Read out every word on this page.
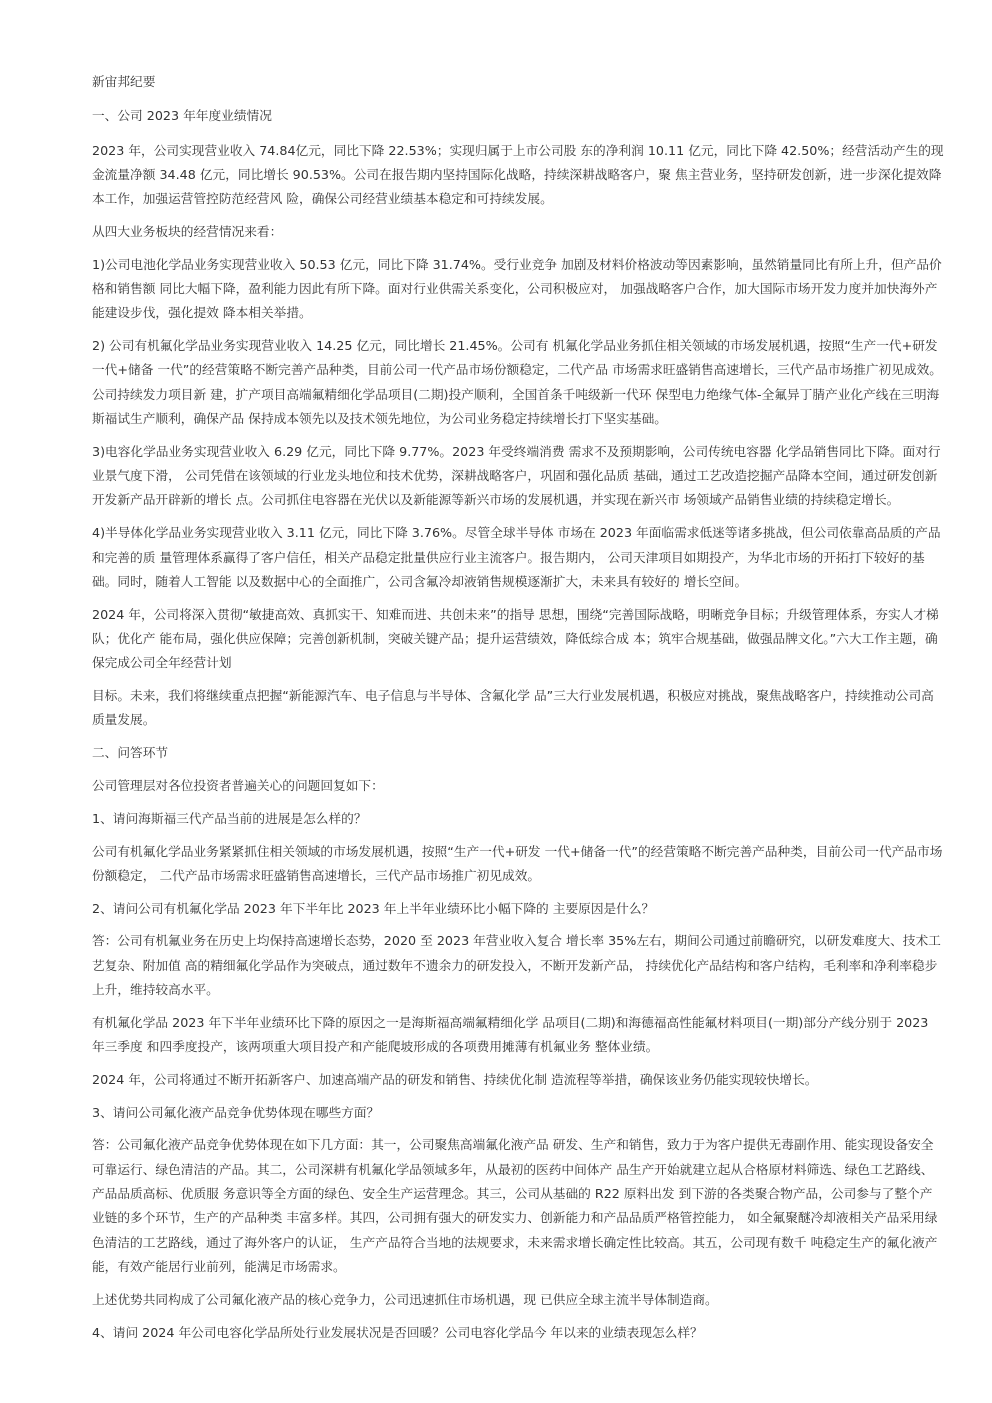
新宙邦纪要

一、公司 2023 年年度业绩情况

2023 年，公司实现营业收入 74.84亿元，同比下降 22.53%；实现归属于上市公司股 东的净利润 10.11 亿元，同比下降 42.50%；经营活动产生的现金流量净额 34.48 亿元，同比增长 90.53%。公司在报告期内坚持国际化战略，持续深耕战略客户，聚 焦主营业务，坚持研发创新，进一步深化提效降本工作，加强运营管控防范经营风 险，确保公司经营业绩基本稳定和可持续发展。

从四大业务板块的经营情况来看：

1)公司电池化学品业务实现营业收入 50.53 亿元，同比下降 31.74%。受行业竞争 加剧及材料价格波动等因素影响，虽然销量同比有所上升，但产品价格和销售额 同比大幅下降，盈利能力因此有所下降。面对行业供需关系变化，公司积极应对， 加强战略客户合作，加大国际市场开发力度并加快海外产能建设步伐，强化提效 降本相关举措。

2) 公司有机氟化学品业务实现营业收入 14.25 亿元，同比增长 21.45%。公司有 机氟化学品业务抓住相关领域的市场发展机遇，按照“生产一代+研发一代+储备 一代”的经营策略不断完善产品种类，目前公司一代产品市场份额稳定，二代产品 市场需求旺盛销售高速增长，三代产品市场推广初见成效。公司持续发力项目新 建，扩产项目高端氟精细化学品项目(二期)投产顺利，全国首条千吨级新一代环 保型电力绝缘气体-全氟异丁腈产业化产线在三明海斯福试生产顺利，确保产品 保持成本领先以及技术领先地位，为公司业务稳定持续增长打下坚实基础。

3)电容化学品业务实现营业收入 6.29 亿元，同比下降 9.77%。2023 年受终端消费 需求不及预期影响，公司传统电容器 化学品销售同比下降。面对行业景气度下滑， 公司凭借在该领域的行业龙头地位和技术优势，深耕战略客户，巩固和强化品质 基础，通过工艺改造挖掘产品降本空间，通过研发创新开发新产品开辟新的增长 点。公司抓住电容器在光伏以及新能源等新兴市场的发展机遇，并实现在新兴市 场领域产品销售业绩的持续稳定增长。

4)半导体化学品业务实现营业收入 3.11 亿元，同比下降 3.76%。尽管全球半导体 市场在 2023 年面临需求低迷等诸多挑战，但公司依靠高品质的产品和完善的质 量管理体系赢得了客户信任，相关产品稳定批量供应行业主流客户。报告期内， 公司天津项目如期投产，为华北市场的开拓打下较好的基础。同时，随着人工智能 以及数据中心的全面推广，公司含氟冷却液销售规模逐渐扩大，未来具有较好的 增长空间。

2024 年，公司将深入贯彻“敏捷高效、真抓实干、知难而进、共创未来”的指导 思想，围绕“完善国际战略，明晰竞争目标；升级管理体系，夯实人才梯队；优化产 能布局，强化供应保障；完善创新机制，突破关键产品；提升运营绩效，降低综合成 本；筑牢合规基础，做强品牌文化。”六大工作主题，确保完成公司全年经营计划

目标。未来，我们将继续重点把握“新能源汽车、电子信息与半导体、含氟化学 品”三大行业发展机遇，积极应对挑战，聚焦战略客户，持续推动公司高质量发展。

二、问答环节

公司管理层对各位投资者普遍关心的问题回复如下：

1、请问海斯福三代产品当前的进展是怎么样的？

公司有机氟化学品业务紧紧抓住相关领域的市场发展机遇，按照“生产一代+研发 一代+储备一代”的经营策略不断完善产品种类，目前公司一代产品市场份额稳定， 二代产品市场需求旺盛销售高速增长，三代产品市场推广初见成效。

2、请问公司有机氟化学品 2023 年下半年比 2023 年上半年业绩环比小幅下降的 主要原因是什么？

答：公司有机氟业务在历史上均保持高速增长态势，2020 至 2023 年营业收入复合 增长率 35%左右，期间公司通过前瞻研究，以研发难度大、技术工艺复杂、附加值 高的精细氟化学品作为突破点，通过数年不遗余力的研发投入，不断开发新产品， 持续优化产品结构和客户结构，毛利率和净利率稳步上升，维持较高水平。

有机氟化学品 2023 年下半年业绩环比下降的原因之一是海斯福高端氟精细化学 品项目(二期)和海德福高性能氟材料项目(一期)部分产线分别于 2023 年三季度 和四季度投产，该两项重大项目投产和产能爬坡形成的各项费用摊薄有机氟业务 整体业绩。

2024 年，公司将通过不断开拓新客户、加速高端产品的研发和销售、持续优化制 造流程等举措，确保该业务仍能实现较快增长。

3、请问公司氟化液产品竞争优势体现在哪些方面？

答：公司氟化液产品竞争优势体现在如下几方面：其一，公司聚焦高端氟化液产品 研发、生产和销售，致力于为客户提供无毒副作用、能实现设备安全可靠运行、绿色清洁的产品。其二，公司深耕有机氟化学品领域多年，从最初的医药中间体产 品生产开始就建立起从合格原材料筛选、绿色工艺路线、产品品质高标、优质服 务意识等全方面的绿色、安全生产运营理念。其三，公司从基础的 R22 原料出发 到下游的各类聚合物产品，公司参与了整个产业链的多个环节，生产的产品种类 丰富多样。其四，公司拥有强大的研发实力、创新能力和产品品质严格管控能力， 如全氟聚醚冷却液相关产品采用绿色清洁的工艺路线，通过了海外客户的认证， 生产产品符合当地的法规要求，未来需求增长确定性比较高。其五，公司现有数千 吨稳定生产的氟化液产能，有效产能居行业前列，能满足市场需求。

上述优势共同构成了公司氟化液产品的核心竞争力，公司迅速抓住市场机遇，现 已供应全球主流半导体制造商。

4、请问 2024 年公司电容化学品所处行业发展状况是否回暖？公司电容化学品今 年以来的业绩表现怎么样？
